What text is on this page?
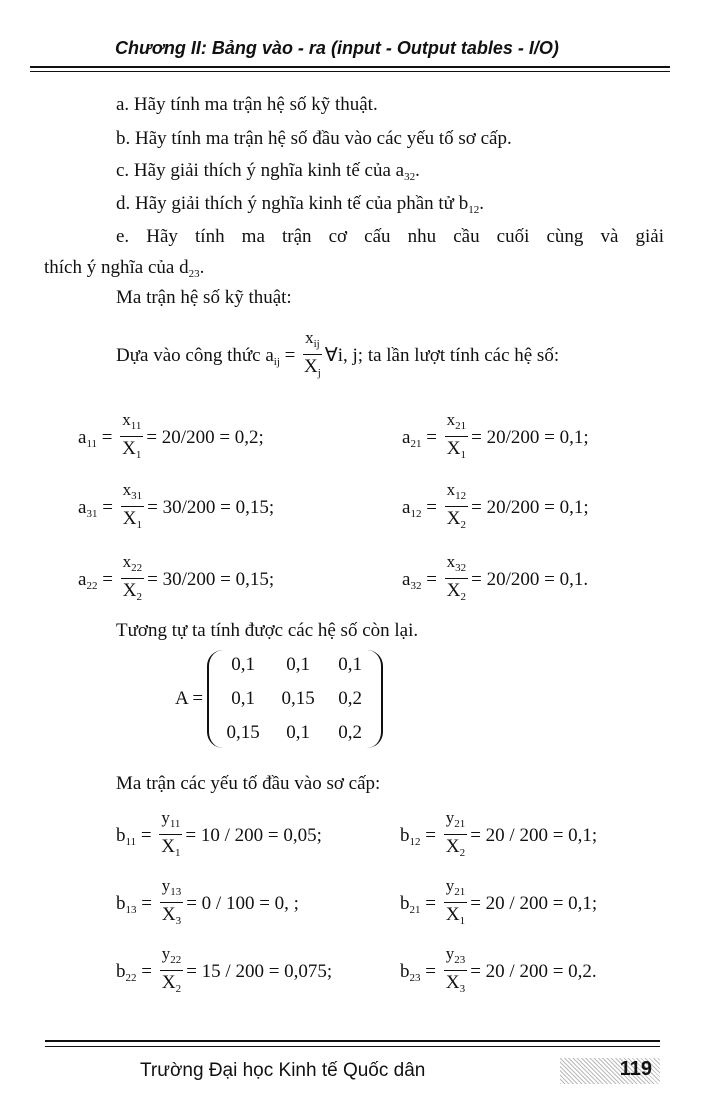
Chương II: Bảng vào - ra (input - Output tables - I/O)
a. Hãy tính ma trận hệ số kỹ thuật.
b. Hãy tính ma trận hệ số đầu vào các yếu tố sơ cấp.
c. Hãy giải thích ý nghĩa kinh tế của $a_{32}$.
d. Hãy giải thích ý nghĩa kinh tế của phần tử $b_{12}$.
e. Hãy tính ma trận cơ cấu nhu cầu cuối cùng và giải
thích ý nghĩa của $d_{23}$.
Ma trận hệ số kỹ thuật:
Dựa vào công thức $a_{ij} = \frac{x_{ij}}{X_j}$ ∀i, j; ta lần lượt tính các hệ số:
$a_{11} = \frac{x_{11}}{X_1} = 20/200 = 0,2$;	$a_{21} = \frac{x_{21}}{X_1} = 20/200 = 0,1$;
$a_{31} = \frac{x_{31}}{X_1} = 30/200 = 0,15$;	$a_{12} = \frac{x_{12}}{X_2} = 20/200 = 0,1$;
$a_{22} = \frac{x_{22}}{X_2} = 30/200 = 0,15$;	$a_{32} = \frac{x_{32}}{X_2} = 20/200 = 0,1$.
Tương tự ta tính được các hệ số còn lại.
A =
0,1	0,1	0,1
0,1	0,15	0,2
0,15	0,1	0,2
Ma trận các yếu tố đầu vào sơ cấp:
$b_{11} = \frac{y_{11}}{X_1} = 10 / 200 = 0,05$;	$b_{12} = \frac{y_{21}}{X_2} = 20 / 200 = 0,1$;
$b_{13} = \frac{y_{13}}{X_3} = 0 / 100 = 0$, ;	$b_{21} = \frac{y_{21}}{X_1} = 20 / 200 = 0,1$;
$b_{22} = \frac{y_{22}}{X_2} = 15 / 200 = 0,075$;	$b_{23} = \frac{y_{23}}{X_3} = 20 / 200 = 0,2$.
Trường Đại học Kinh tế Quốc dân	119
